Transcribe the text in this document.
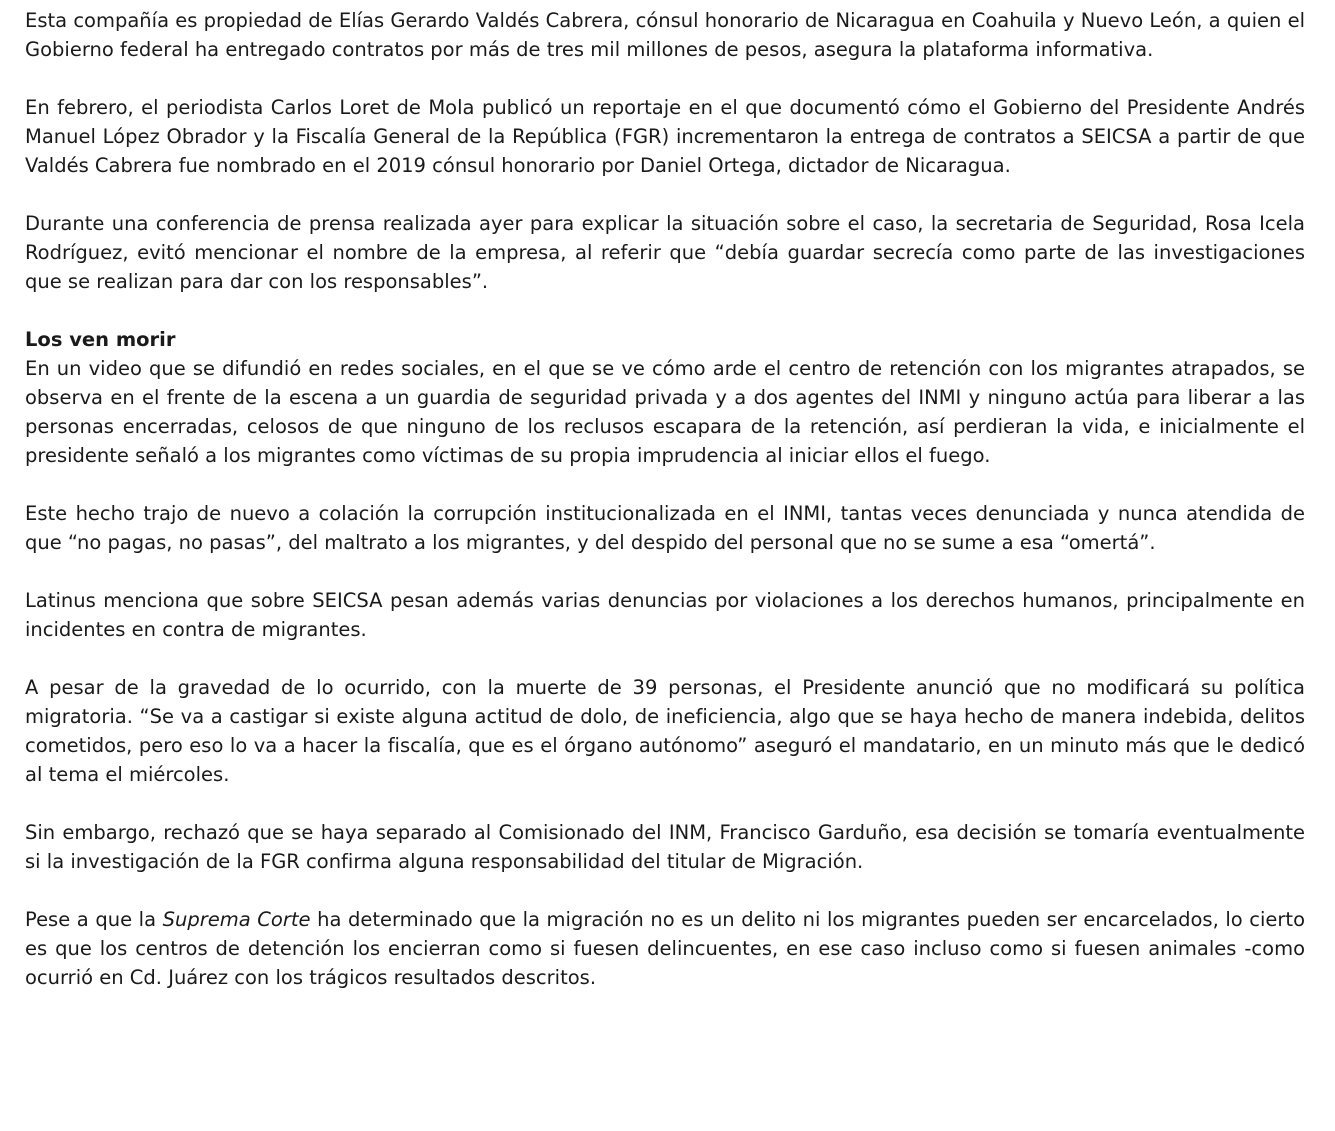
Esta compañía es propiedad de Elías Gerardo Valdés Cabrera, cónsul honorario de Nicaragua en Coahuila y Nuevo León, a quien el Gobierno federal ha entregado contratos por más de tres mil millones de pesos, asegura la plataforma informativa.

En febrero, el periodista Carlos Loret de Mola publicó un reportaje en el que documentó cómo el Gobierno del Presidente Andrés Manuel López Obrador y la Fiscalía General de la República (FGR) incrementaron la entrega de contratos a SEICSA a partir de que Valdés Cabrera fue nombrado en el 2019 cónsul honorario por Daniel Ortega, dictador de Nicaragua.

Durante una conferencia de prensa realizada ayer para explicar la situación sobre el caso, la secretaria de Seguridad, Rosa Icela Rodríguez, evitó mencionar el nombre de la empresa, al referir que “debía guardar secrecía como parte de las investigaciones que se realizan para dar con los responsables”.

Los ven morir

En un video que se difundió en redes sociales, en el que se ve cómo arde el centro de retención con los migrantes atrapados, se observa en el frente de la escena a un guardia de seguridad privada y a dos agentes del INMI y ninguno actúa para liberar a las personas encerradas, celosos de que ninguno de los reclusos escapara de la retención, así perdieran la vida, e inicialmente el presidente señaló a los migrantes como víctimas de su propia imprudencia al iniciar ellos el fuego.

Este hecho trajo de nuevo a colación la corrupción institucionalizada en el INMI, tantas veces denunciada y nunca atendida de que “no pagas, no pasas”, del maltrato a los migrantes, y del despido del personal que no se sume a esa “omertá”.

Latinus menciona que sobre SEICSA pesan además varias denuncias por violaciones a los derechos humanos, principalmente en incidentes en contra de migrantes.

A pesar de la gravedad de lo ocurrido, con la muerte de 39 personas, el Presidente anunció que no modificará su política migratoria. “Se va a castigar si existe alguna actitud de dolo, de ineficiencia, algo que se haya hecho de manera indebida, delitos cometidos, pero eso lo va a hacer la fiscalía, que es el órgano autónomo” aseguró el mandatario, en un minuto más que le dedicó al tema el miércoles.

Sin embargo, rechazó que se haya separado al Comisionado del INM, Francisco Garduño, esa decisión se tomaría eventualmente si la investigación de la FGR confirma alguna responsabilidad del titular de Migración.

Pese a que la Suprema Corte ha determinado que la migración no es un delito ni los migrantes pueden ser encarcelados, lo cierto es que los centros de detención los encierran como si fuesen delincuentes, en ese caso incluso como si fuesen animales -como ocurrió en Cd. Juárez con los trágicos resultados descritos.
